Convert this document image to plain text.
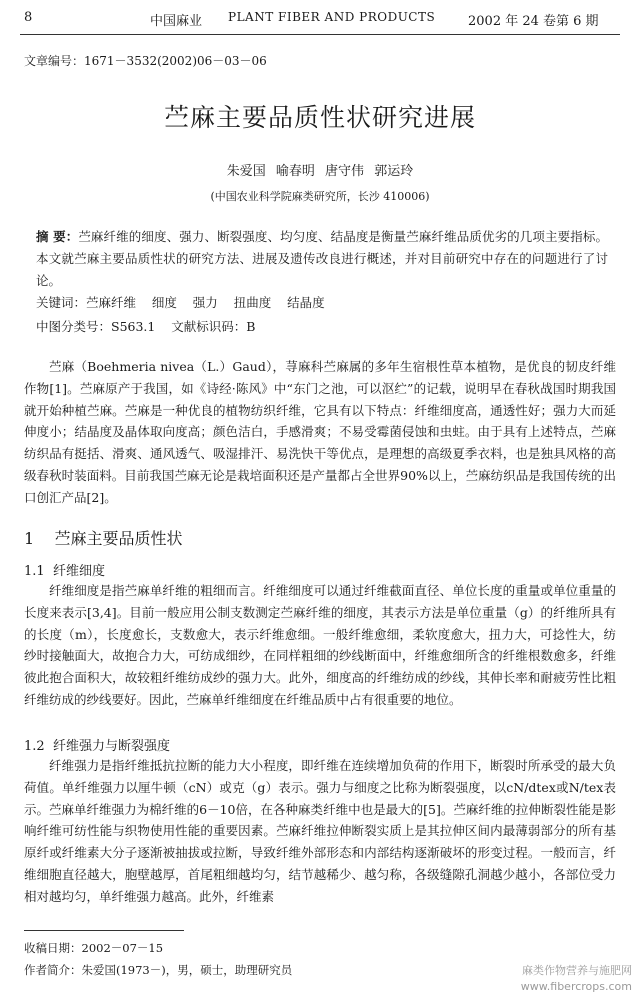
8	中国麻业 PLANT FIBER AND PRODUCTS	2002 年 24 卷第 6 期
文章编号：1671－3532(2002)06－03－06
苎麻主要品质性状研究进展
朱爱国 喻春明 唐守伟 郭运玲
(中国农业科学院麻类研究所，长沙 410006)
摘 要：苎麻纤维的细度、强力、断裂强度、均匀度、结晶度是衡量苎麻纤维品质优劣的几项主要指标。本文就苎麻主要品质性状的研究方法、进展及遗传改良进行概述，并对目前研究中存在的问题进行了讨论。
关键词：苎麻纤维    细度    强力    扭曲度    结晶度
中图分类号：S563.1    文献标识码：B
苎麻（Boehmeria nivea（L.）Gaud），荨麻科苎麻属的多年生宿根性草本植物，是优良的韧皮纤维作物[1]。苎麻原产于我国，如《诗经·陈风》中“东门之池，可以沤纻”的记载，说明早在春秋战国时期我国就开始种植苎麻。苎麻是一种优良的植物纺织纤维，它具有以下特点：纤维细度高，通透性好；强力大而延伸度小；结晶度及晶体取向度高；颜色洁白，手感滑爽；不易受霉菌侵蚀和虫蛀。由于具有上述特点，苎麻纺织品有挺括、滑爽、通风透气、吸湿排汗、易洗快干等优点，是理想的高级夏季衣料，也是独具风格的高级春秋时装面料。目前我国苎麻无论是栽培面积还是产量都占全世界90%以上，苎麻纺织品是我国传统的出口创汇产品[2]。
1    苎麻主要品质性状
1.1  纤维细度
纤维细度是指苎麻单纤维的粗细而言。纤维细度可以通过纤维截面直径、单位长度的重量或单位重量的长度来表示[3,4]。目前一般应用公制支数测定苎麻纤维的细度，其表示方法是单位重量（g）的纤维所具有的长度（m），长度愈长，支数愈大，表示纤维愈细。一般纤维愈细，柔软度愈大，扭力大，可捻性大，纺纱时接触面大，故抱合力大，可纺成细纱，在同样粗细的纱线断面中，纤维愈细所含的纤维根数愈多，纤维彼此抱合面积大，故较粗纤维纺成纱的强力大。此外，细度高的纤维纺成的纱线，其伸长率和耐疲劳性比粗纤维纺成的纱线要好。因此，苎麻单纤维细度在纤维品质中占有很重要的地位。
1.2  纤维强力与断裂强度
纤维强力是指纤维抵抗拉断的能力大小程度，即纤维在连续增加负荷的作用下，断裂时所承受的最大负荷值。单纤维强力以厘牛顿（cN）或克（g）表示。强力与细度之比称为断裂强度，以cN/dtex或N/tex表示。苎麻单纤维强力为棉纤维的6－10倍，在各种麻类纤维中也是最大的[5]。苎麻纤维的拉伸断裂性能是影响纤维可纺性能与织物使用性能的重要因素。苎麻纤维拉伸断裂实质上是其拉伸区间内最薄弱部分的所有基原纤或纤维素大分子逐渐被抽拔或拉断，导致纤维外部形态和内部结构逐渐破坏的形变过程。一般而言，纤维细胞直径越大，胞壁越厚，首尾粗细越均匀，结节越稀少、越匀称，各级缝隙孔洞越少越小，各部位受力相对越均匀，单纤维强力越高。此外，纤维素
收稿日期：2002－07－15
作者简介：朱爱国(1973－)，男，硕士，助理研究员	麻类作物营养与施肥网
www.fibercrops.com
